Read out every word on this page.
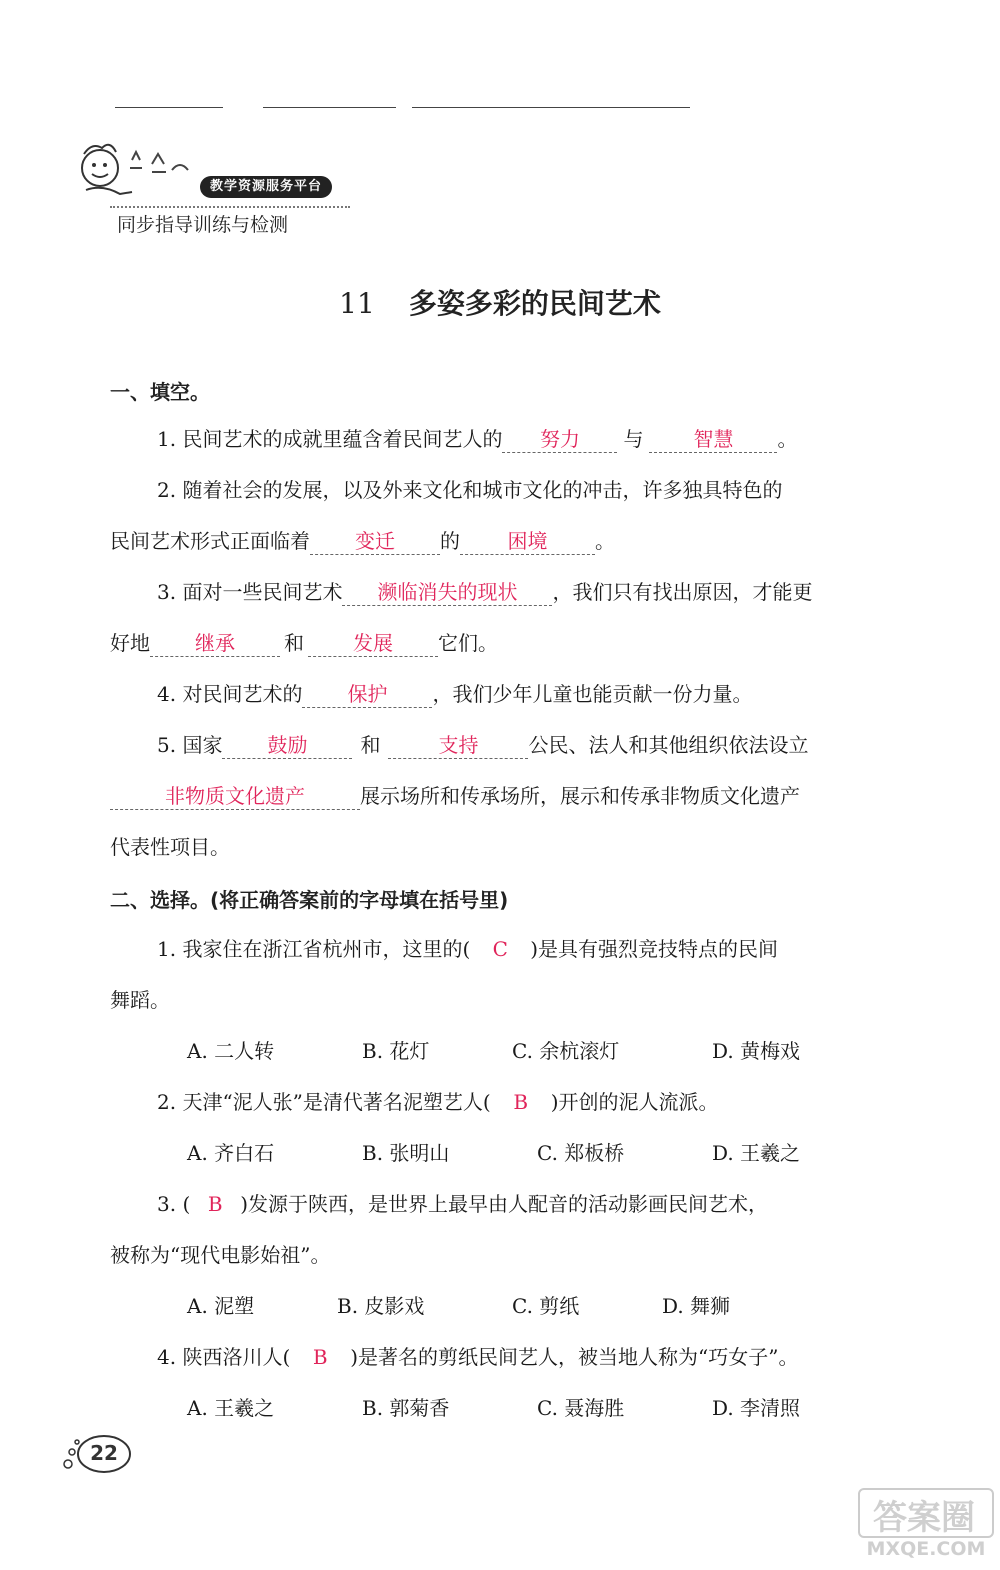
教学资源服务平台
同步指导训练与检测
11 多姿多彩的民间艺术
一、填空。
1. 民间艺术的成就里蕴含着民间艺人的 努力 与	智慧 。
2. 随着社会的发展，以及外来文化和城市文化的冲击，许多独具特色的
民间艺术形式正面临着 变迁 的 困境 。
3. 面对一些民间艺术 濒临消失的现状 ，我们只有找出原因，才能更
好地 继承 和 发展 它们。
4. 对民间艺术的 保护 ，我们少年儿童也能贡献一份力量。
5. 国家 鼓励	和	支持	公民、法人和其他组织依法设立
非物质文化遗产	展示场所和传承场所，展示和传承非物质文化遗产
代表性项目。
二、选择。(将正确答案前的字母填在括号里)
1. 我家住在浙江省杭州市，这里的( C )是具有强烈竞技特点的民间
舞蹈。
A. 二人转	B. 花灯	C. 余杭滚灯	D. 黄梅戏
2. 天津“泥人张”是清代著名泥塑艺人( B )开创的泥人流派。
A. 齐白石	B. 张明山	C. 郑板桥	D. 王羲之
3. ( B )发源于陕西，是世界上最早由人配音的活动影画民间艺术，
被称为“现代电影始祖”。
A. 泥塑	B. 皮影戏	C. 剪纸	D. 舞狮
4. 陕西洛川人( B )是著名的剪纸民间艺人，被当地人称为“巧女子”。
A. 王羲之	B. 郭菊香	C. 聂海胜	D. 李清照
22
答案圈
MXQE.COM
